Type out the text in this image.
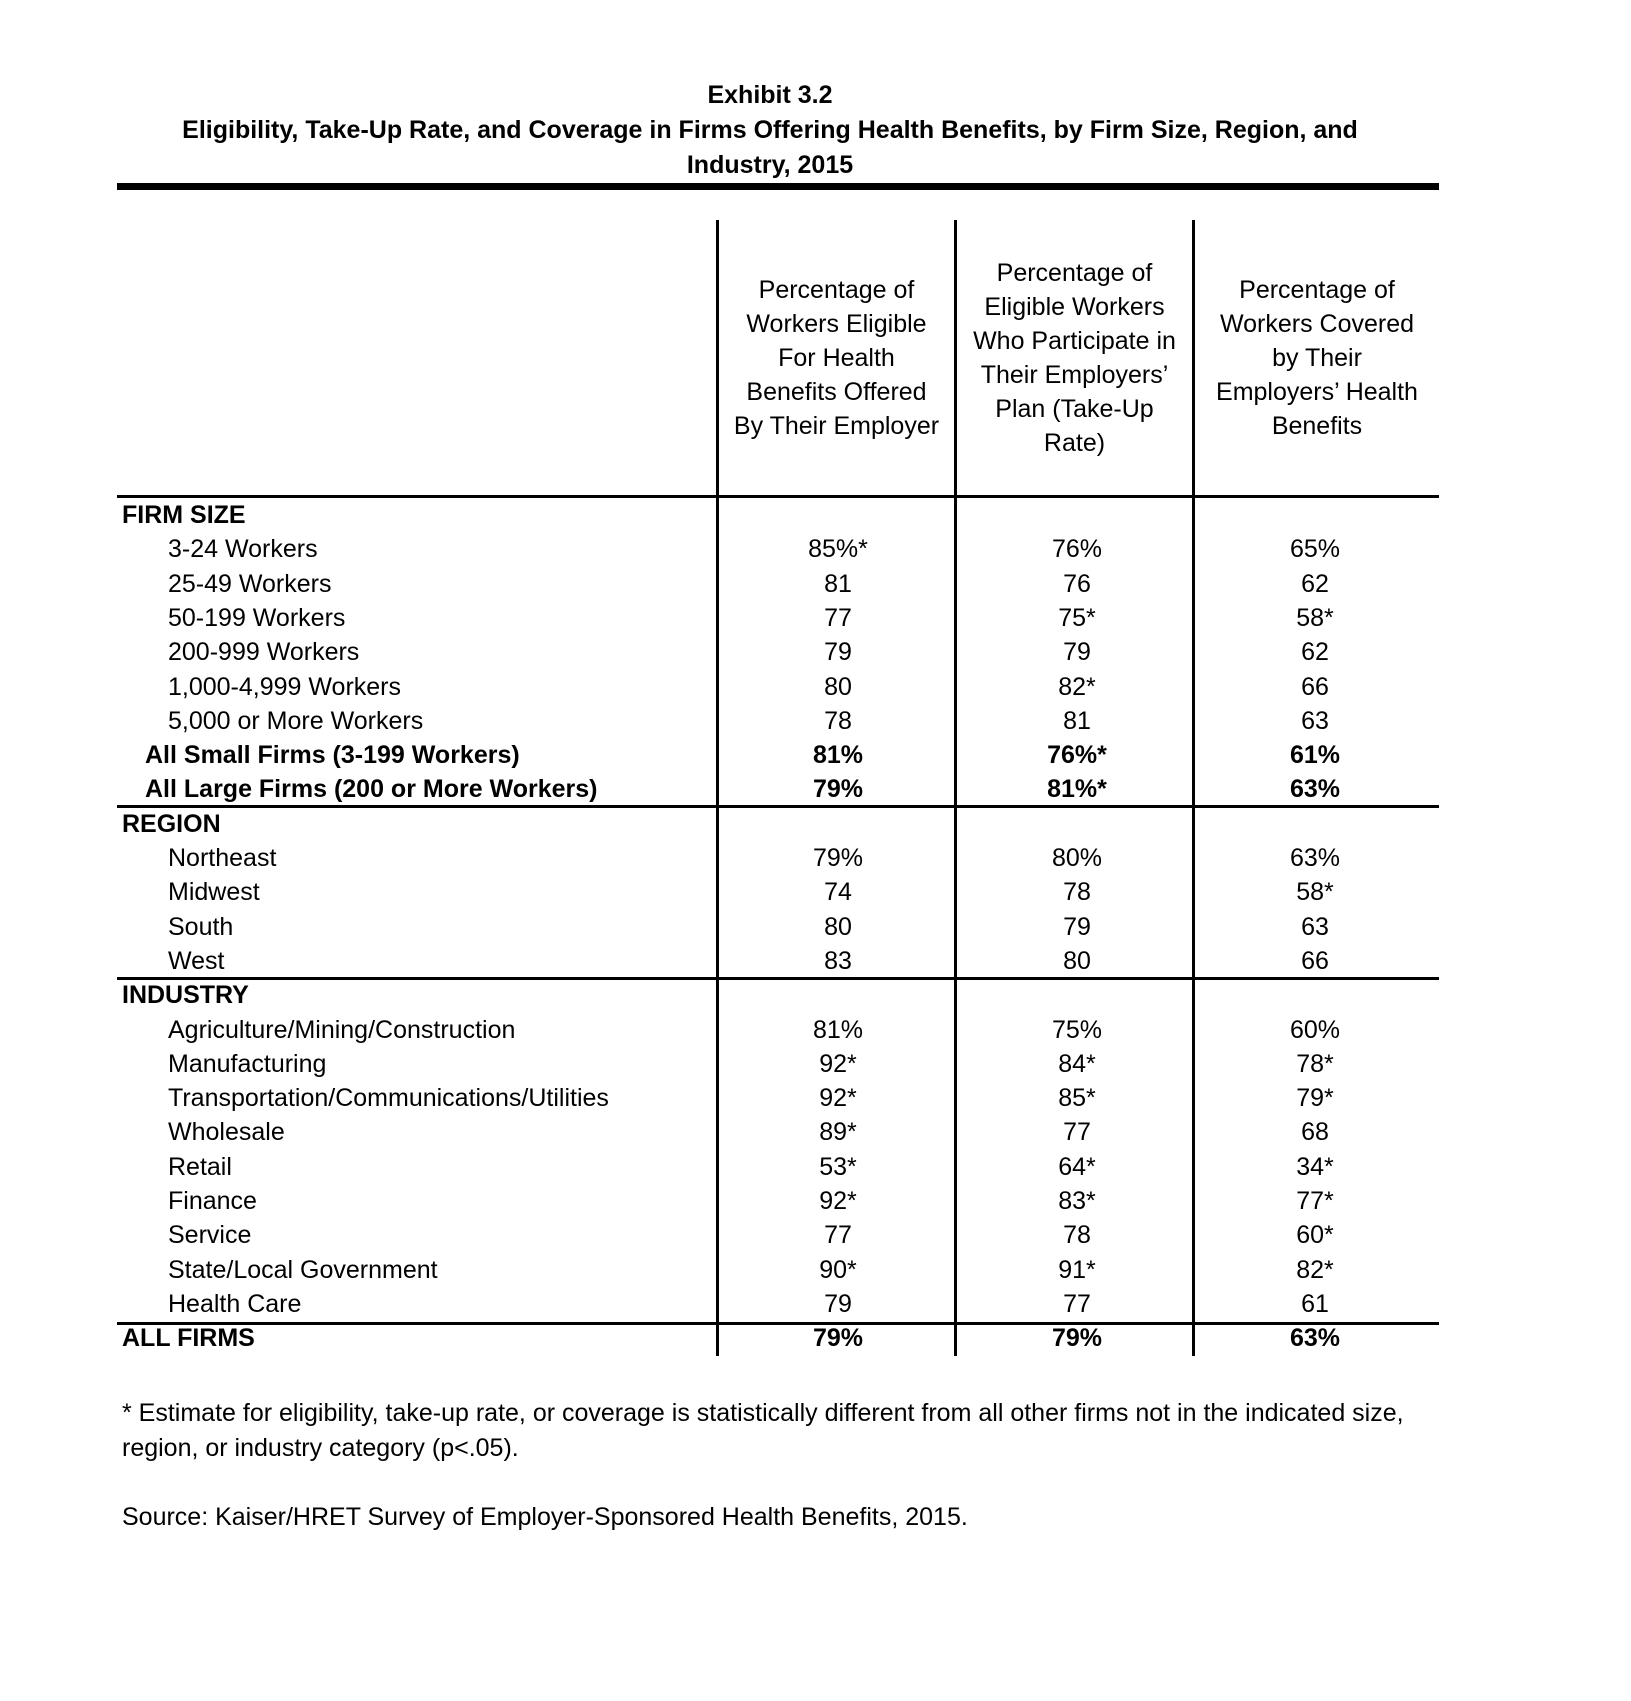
Exhibit 3.2
Eligibility, Take-Up Rate, and Coverage in Firms Offering Health Benefits, by Firm Size, Region, and
Industry, 2015
Percentage of
Workers Eligible
For Health
Benefits Offered
By Their Employer
Percentage of
Eligible Workers
Who Participate in
Their Employers’
Plan (Take-Up
Rate)
Percentage of
Workers Covered
by Their
Employers’ Health
Benefits
FIRM SIZE
3-24 Workers	85%*	76%	65%
25-49 Workers	81	76	62
50-199 Workers	77	75*	58*
200-999 Workers	79	79	62
1,000-4,999 Workers	80	82*	66
5,000 or More Workers	78	81	63
All Small Firms (3-199 Workers)	81%	76%*	61%
All Large Firms (200 or More Workers)	79%	81%*	63%
REGION
Northeast	79%	80%	63%
Midwest	74	78	58*
South	80	79	63
West	83	80	66
INDUSTRY
Agriculture/Mining/Construction	81%	75%	60%
Manufacturing	92*	84*	78*
Transportation/Communications/Utilities	92*	85*	79*
Wholesale	89*	77	68
Retail	53*	64*	34*
Finance	92*	83*	77*
Service	77	78	60*
State/Local Government	90*	91*	82*
Health Care	79	77	61
ALL FIRMS	79%	79%	63%
* Estimate for eligibility, take-up rate, or coverage is statistically different from all other firms not in the indicated size, region, or industry category (p<.05).
Source: Kaiser/HRET Survey of Employer-Sponsored Health Benefits, 2015.
